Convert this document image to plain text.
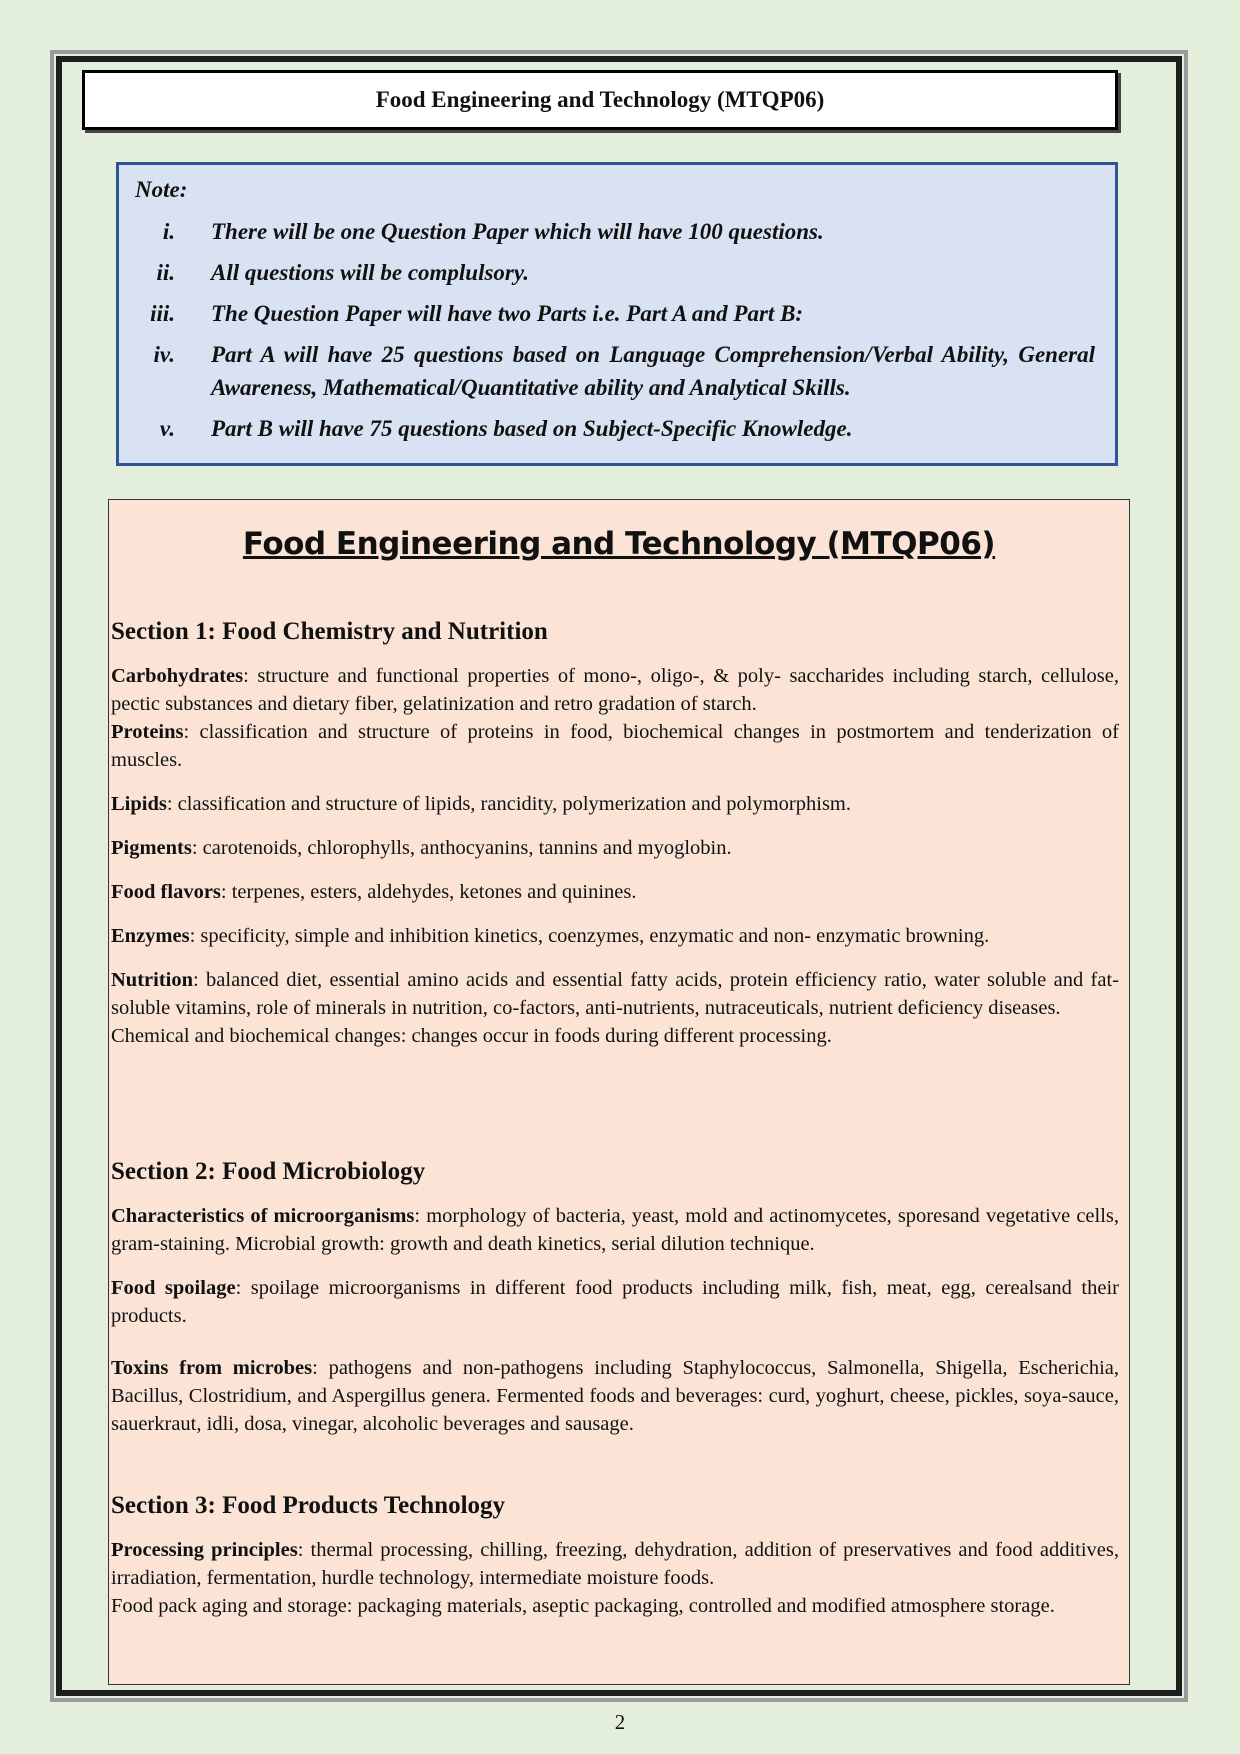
Food Engineering and Technology (MTQP06)
Note:
i. There will be one Question Paper which will have 100 questions.
ii. All questions will be complulsory.
iii. The Question Paper will have two Parts i.e. Part A and Part B:
iv. Part A will have 25 questions based on Language Comprehension/Verbal Ability, General Awareness, Mathematical/Quantitative ability and Analytical Skills.
v. Part B will have 75 questions based on Subject-Specific Knowledge.
Food Engineering and Technology (MTQP06)
Section 1: Food Chemistry and Nutrition

Carbohydrates: structure and functional properties of mono-, oligo-, & poly- saccharides including starch, cellulose, pectic substances and dietary fiber, gelatinization and retro gradation of starch.

Proteins: classification and structure of proteins in food, biochemical changes in postmortem and tenderization of muscles.

Lipids: classification and structure of lipids, rancidity, polymerization and polymorphism.

Pigments: carotenoids, chlorophylls, anthocyanins, tannins and myoglobin.

Food flavors: terpenes, esters, aldehydes, ketones and quinines.

Enzymes: specificity, simple and inhibition kinetics, coenzymes, enzymatic and non- enzymatic browning.

Nutrition: balanced diet, essential amino acids and essential fatty acids, protein efficiency ratio, water soluble and fat-soluble vitamins, role of minerals in nutrition, co-factors, anti-nutrients, nutraceuticals, nutrient deficiency diseases.

Chemical and biochemical changes: changes occur in foods during different processing.

Section 2: Food Microbiology

Characteristics of microorganisms: morphology of bacteria, yeast, mold and actinomycetes, sporesand vegetative cells, gram-staining. Microbial growth: growth and death kinetics, serial dilution technique.

Food spoilage: spoilage microorganisms in different food products including milk, fish, meat, egg, cerealsand their products.

Toxins from microbes: pathogens and non-pathogens including Staphylococcus, Salmonella, Shigella, Escherichia, Bacillus, Clostridium, and Aspergillus genera. Fermented foods and beverages: curd, yoghurt, cheese, pickles, soya-sauce, sauerkraut, idli, dosa, vinegar, alcoholic beverages and sausage.

Section 3: Food Products Technology

Processing principles: thermal processing, chilling, freezing, dehydration, addition of preservatives and food additives, irradiation, fermentation, hurdle technology, intermediate moisture foods.

Food pack aging and storage: packaging materials, aseptic packaging, controlled and modified atmosphere storage.

2
